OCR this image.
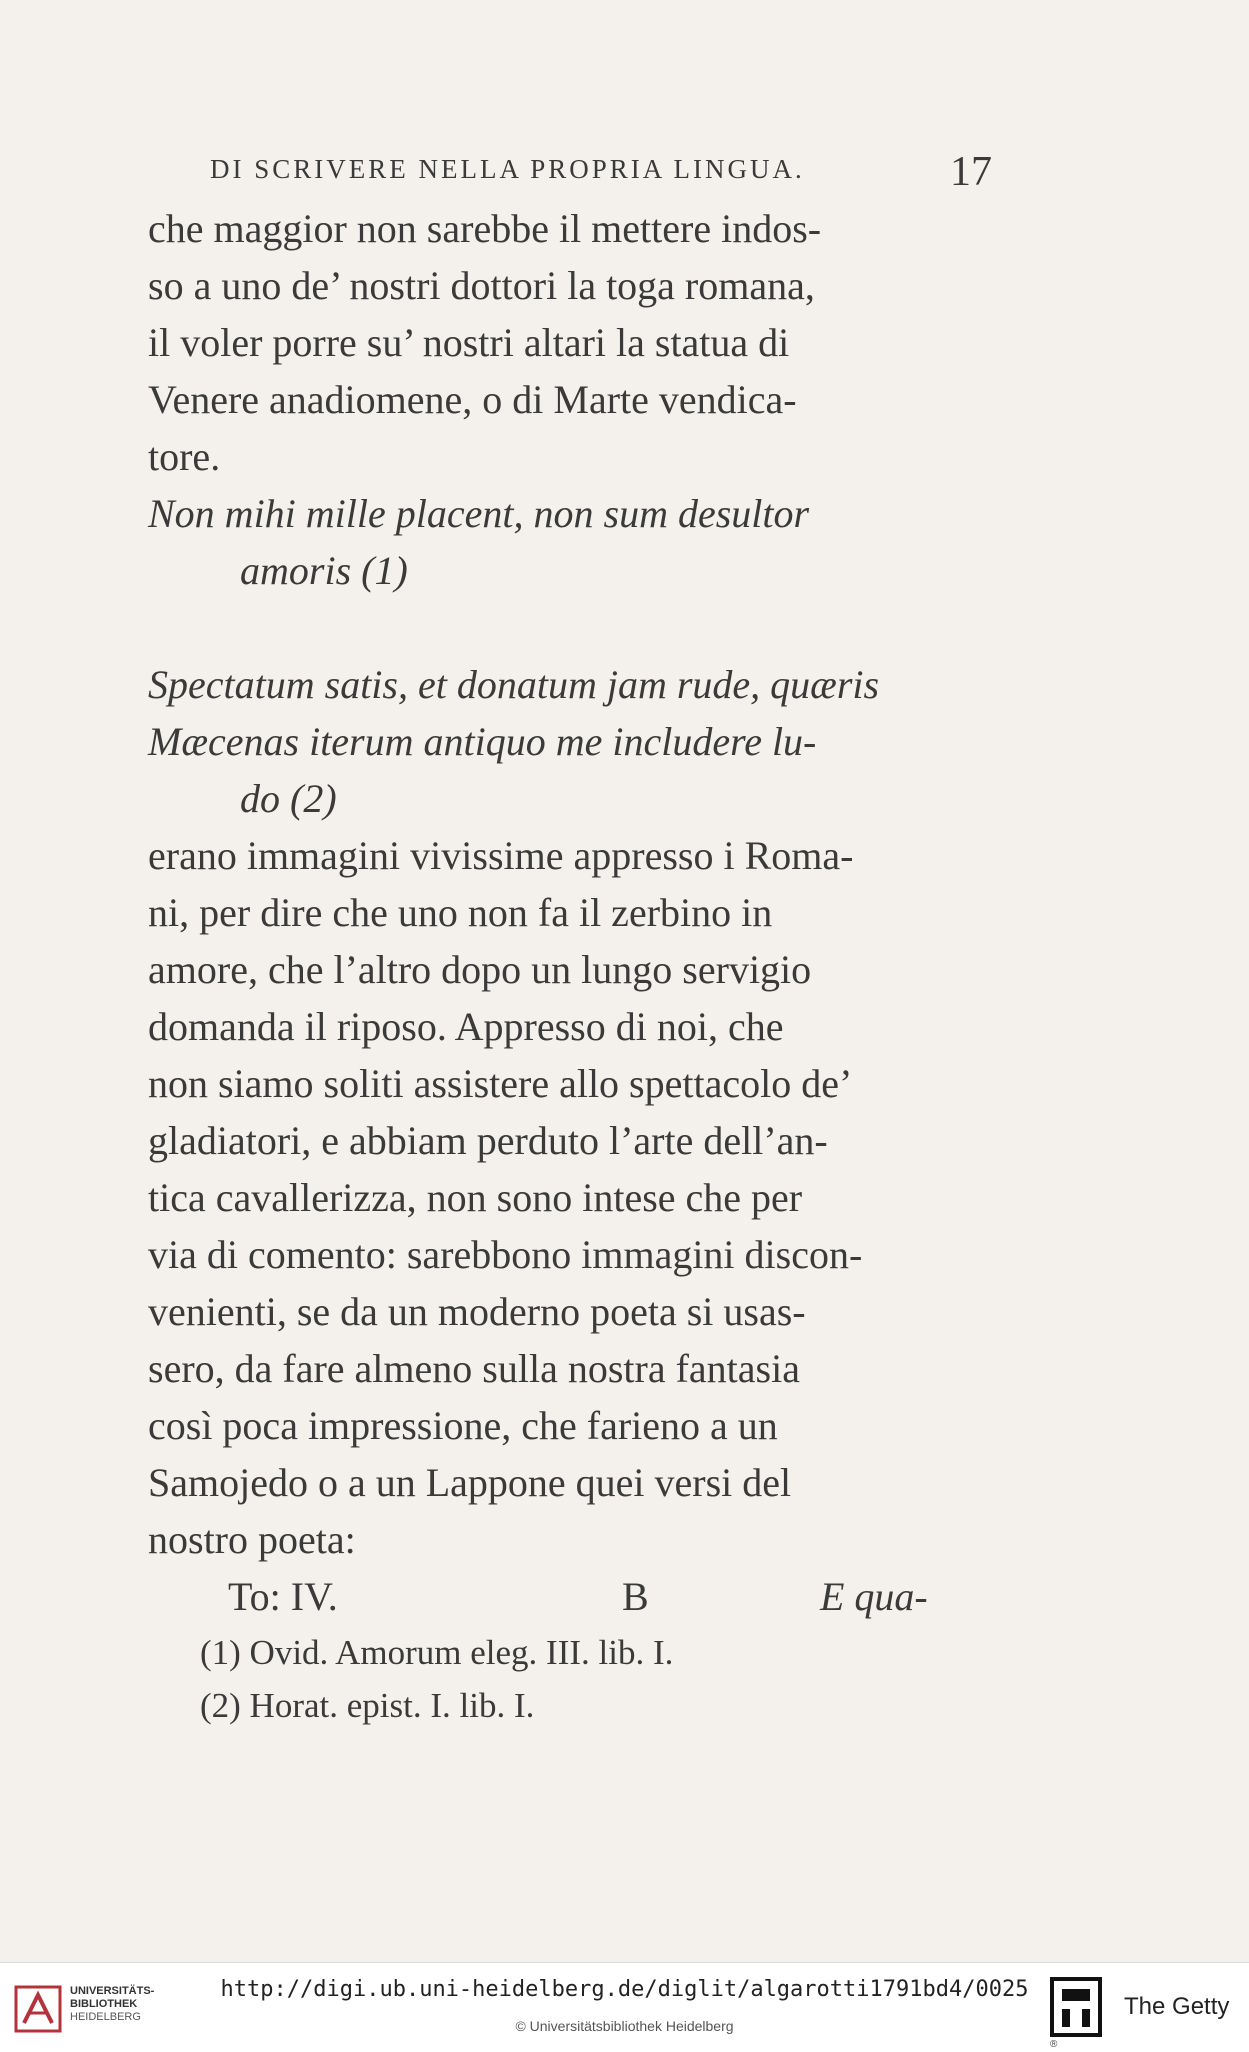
DI SCRIVERE NELLA PROPRIA LINGUA.	17
che maggior non sarebbe il mettere indos-
so a uno de’ nostri dottori la toga romana,
il voler porre su’ nostri altari la statua di
Venere anadiomene, o di Marte vendica-
tore.
Non mihi mille placent, non sum desultor
amoris (1)
Spectatum satis, et donatum jam rude, quæris
Mæcenas iterum antiquo me includere lu-
do (2)
erano immagini vivissime appresso i Roma-
ni, per dire che uno non fa il zerbino in
amore, che l’altro dopo un lungo servigio
domanda il riposo. Appresso di noi, che
non siamo soliti assistere allo spettacolo de’
gladiatori, e abbiam perduto l’arte dell’an-
tica cavallerizza, non sono intese che per
via di comento: sarebbono immagini discon-
venienti, se da un moderno poeta si usas-
sero, da fare almeno sulla nostra fantasia
così poca impressione, che farieno a un
Samojedo o a un Lappone quei versi del
nostro poeta:
To: IV.	B	E qua-
(1) Ovid. Amorum eleg. III. lib. I.
(2) Horat. epist. I. lib. I.
UNIVERSITÄTS-
BIBLIOTHEK
HEIDELBERG
http://digi.ub.uni-heidelberg.de/diglit/algarotti1791bd4/0025
© Universitätsbibliothek Heidelberg
The Getty
®
